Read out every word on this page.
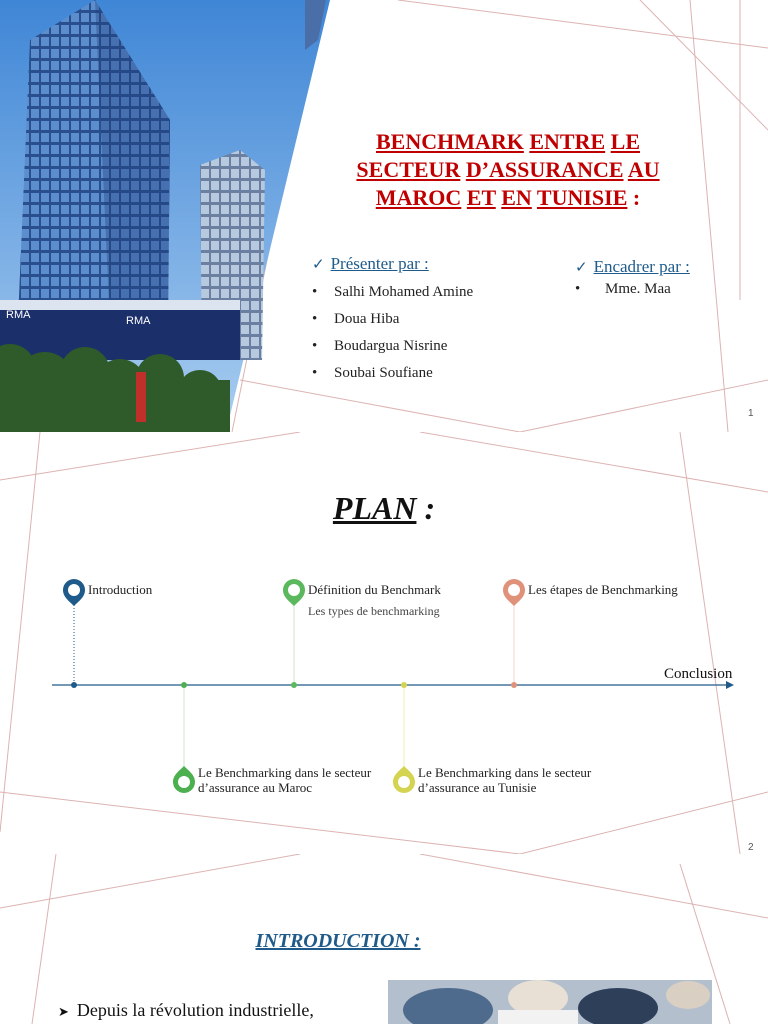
RMA	RMA
BENCHMARK ENTRE LE
SECTEUR D’ASSURANCE AU
MAROC ET EN TUNISIE :
✓ Présenter par :
• Salhi Mohamed Amine
• Doua Hiba
• Boudargua Nisrine
• Soubai Soufiane
✓ Encadrer par :
• Mme. Maa
1
PLAN :
Introduction	Définition du Benchmark
Les types de benchmarking
Les étapes de Benchmarking
Le Benchmarking dans le secteur d’assurance au Maroc
Le Benchmarking dans le secteur d’assurance au Tunisie
Conclusion
2
INTRODUCTION :
➤ Depuis la révolution industrielle,
